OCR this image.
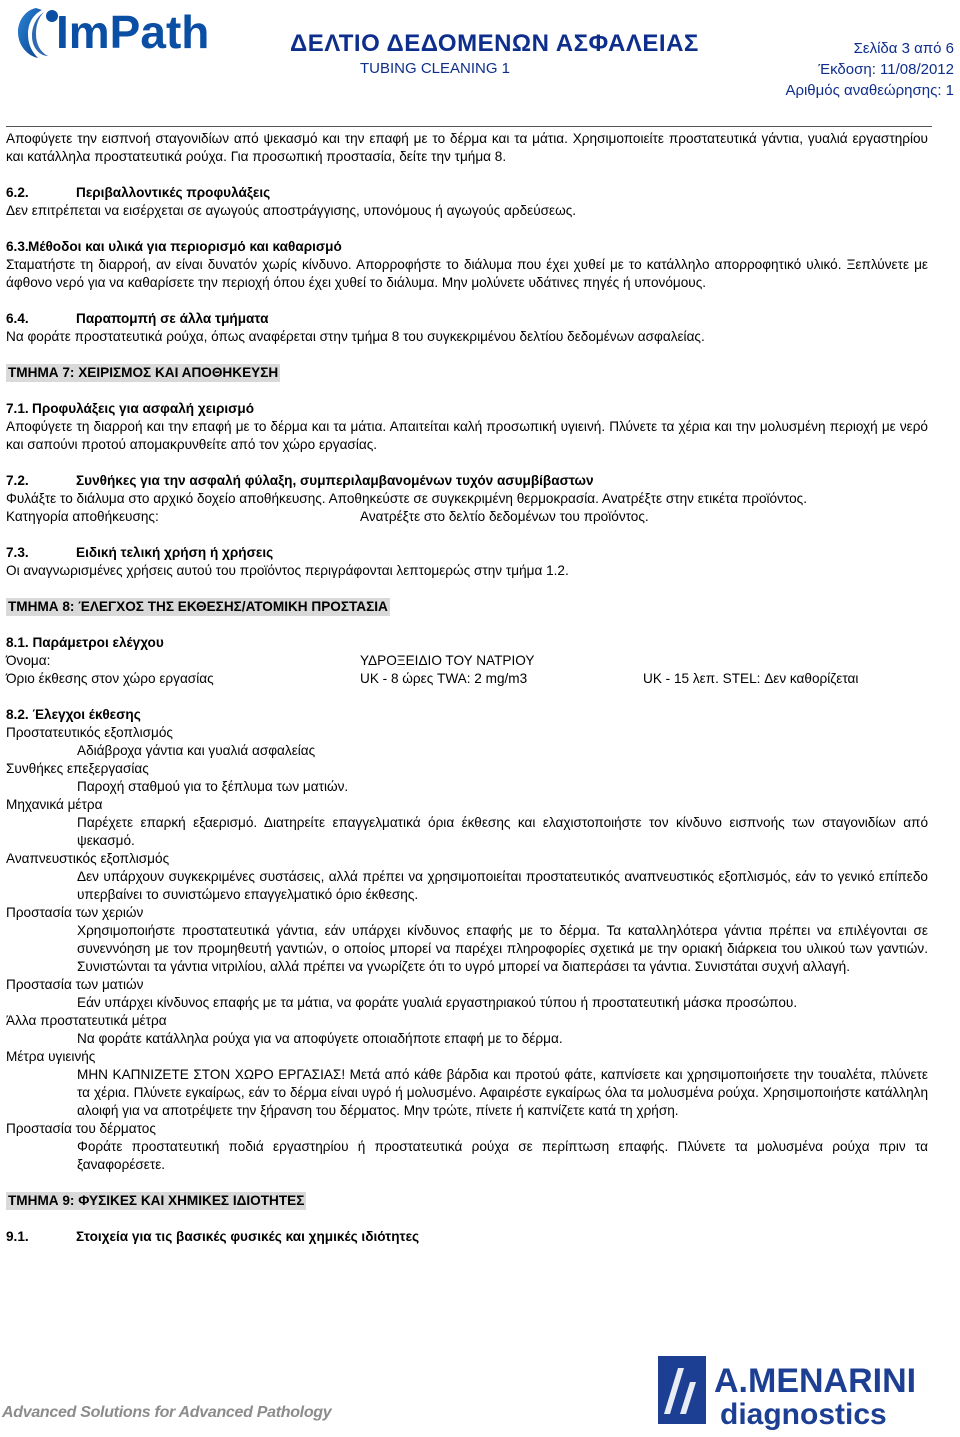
ImPath	ΔΕΛΤΙΟ ΔΕΔΟΜΕΝΩΝ ΑΣΦΑΛΕΙΑΣ
TUBING CLEANING 1
Σελίδα 3 από 6
Έκδοση: 11/08/2012
Αριθμός αναθεώρησης: 1

Αποφύγετε την εισπνοή σταγονιδίων από ψεκασμό και την επαφή με το δέρμα και τα μάτια. Χρησιμοποιείτε προστατευτικά γάντια, γυαλιά εργαστηρίου και κατάλληλα προστατευτικά ρούχα. Για προσωπική προστασία, δείτε την τμήμα 8.

6.2.	Περιβαλλοντικές προφυλάξεις

Δεν επιτρέπεται να εισέρχεται σε αγωγούς αποστράγγισης, υπονόμους ή αγωγούς αρδεύσεως.

6.3.Μέθοδοι και υλικά για περιορισμό και καθαρισμό

Σταματήστε τη διαρροή, αν είναι δυνατόν χωρίς κίνδυνο. Απορροφήστε το διάλυμα που έχει χυθεί με το κατάλληλο απορροφητικό υλικό. Ξεπλύνετε με άφθονο νερό για να καθαρίσετε την περιοχή όπου έχει χυθεί το διάλυμα. Μην μολύνετε υδάτινες πηγές ή υπονόμους.

6.4.	Παραπομπή σε άλλα τμήματα

Να φοράτε προστατευτικά ρούχα, όπως αναφέρεται στην τμήμα 8 του συγκεκριμένου δελτίου δεδομένων ασφαλείας.

ΤΜΗΜΑ 7: ΧΕΙΡΙΣΜΟΣ ΚΑΙ ΑΠΟΘΗΚΕΥΣΗ

7.1. Προφυλάξεις για ασφαλή χειρισμό

Αποφύγετε τη διαρροή και την επαφή με το δέρμα και τα μάτια. Απαιτείται καλή προσωπική υγιεινή. Πλύνετε τα χέρια και την μολυσμένη περιοχή με νερό και σαπούνι προτού απομακρυνθείτε από τον χώρο εργασίας.

7.2.	Συνθήκες για την ασφαλή φύλαξη, συμπεριλαμβανομένων τυχόν ασυμβίβαστων

Φυλάξτε το διάλυμα στο αρχικό δοχείο αποθήκευσης. Αποθηκεύστε σε συγκεκριμένη θερμοκρασία. Ανατρέξτε στην ετικέτα προϊόντος.

Κατηγορία αποθήκευσης:	Ανατρέξτε στο δελτίο δεδομένων του προϊόντος.

7.3.	Ειδική τελική χρήση ή χρήσεις

Οι αναγνωρισμένες χρήσεις αυτού του προϊόντος περιγράφονται λεπτομερώς στην τμήμα 1.2.

ΤΜΗΜΑ 8: ΈΛΕΓΧΟΣ ΤΗΣ ΕΚΘΕΣΗΣ/ΑΤΟΜΙΚΗ ΠΡΟΣΤΑΣΙΑ

8.1. Παράμετροι ελέγχου

Όνομα:	ΥΔΡΟΞΕΙΔΙΟ ΤΟΥ ΝΑΤΡΙΟΥ
Όριο έκθεσης στον χώρο εργασίας	UK - 8 ώρες TWA: 2 mg/m3	UK - 15 λεπ. STEL: Δεν καθορίζεται

8.2. Έλεγχοι έκθεσης

Προστατευτικός εξοπλισμός

Αδιάβροχα γάντια και γυαλιά ασφαλείας

Συνθήκες επεξεργασίας

Παροχή σταθμού για το ξέπλυμα των ματιών.

Μηχανικά μέτρα

Παρέχετε επαρκή εξαερισμό. Διατηρείτε επαγγελματικά όρια έκθεσης και ελαχιστοποιήστε τον κίνδυνο εισπνοής των σταγονιδίων από ψεκασμό.

Αναπνευστικός εξοπλισμός

Δεν υπάρχουν συγκεκριμένες συστάσεις, αλλά πρέπει να χρησιμοποιείται προστατευτικός αναπνευστικός εξοπλισμός, εάν το γενικό επίπεδο υπερβαίνει το συνιστώμενο επαγγελματικό όριο έκθεσης.

Προστασία των χεριών

Χρησιμοποιήστε προστατευτικά γάντια, εάν υπάρχει κίνδυνος επαφής με το δέρμα. Τα καταλληλότερα γάντια πρέπει να επιλέγονται σε συνεννόηση με τον προμηθευτή γαντιών, ο οποίος μπορεί να παρέχει πληροφορίες σχετικά με την οριακή διάρκεια του υλικού των γαντιών. Συνιστώνται τα γάντια νιτριλίου, αλλά πρέπει να γνωρίζετε ότι το υγρό μπορεί να διαπεράσει τα γάντια. Συνιστάται συχνή αλλαγή.

Προστασία των ματιών

Εάν υπάρχει κίνδυνος επαφής με τα μάτια, να φοράτε γυαλιά εργαστηριακού τύπου ή προστατευτική μάσκα προσώπου.

Άλλα προστατευτικά μέτρα

Να φοράτε κατάλληλα ρούχα για να αποφύγετε οποιαδήποτε επαφή με το δέρμα.

Μέτρα υγιεινής

ΜΗΝ ΚΑΠΝΙΖΕΤΕ ΣΤΟΝ ΧΩΡΟ ΕΡΓΑΣΙΑΣ! Μετά από κάθε βάρδια και προτού φάτε, καπνίσετε και χρησιμοποιήσετε την τουαλέτα, πλύνετε τα χέρια. Πλύνετε εγκαίρως, εάν το δέρμα είναι υγρό ή μολυσμένο. Αφαιρέστε εγκαίρως όλα τα μολυσμένα ρούχα. Χρησιμοποιήστε κατάλληλη αλοιφή για να αποτρέψετε την ξήρανση του δέρματος. Μην τρώτε, πίνετε ή καπνίζετε κατά τη χρήση.

Προστασία του δέρματος

Φοράτε προστατευτική ποδιά εργαστηρίου ή προστατευτικά ρούχα σε περίπτωση επαφής. Πλύνετε τα μολυσμένα ρούχα πριν τα ξαναφορέσετε.

ΤΜΗΜΑ 9: ΦΥΣΙΚΕΣ ΚΑΙ ΧΗΜΙΚΕΣ ΙΔΙΟΤΗΤΕΣ

9.1.	Στοιχεία για τις βασικές φυσικές και χημικές ιδιότητες

Advanced Solutions for Advanced Pathology
A.MENARINI
diagnostics
